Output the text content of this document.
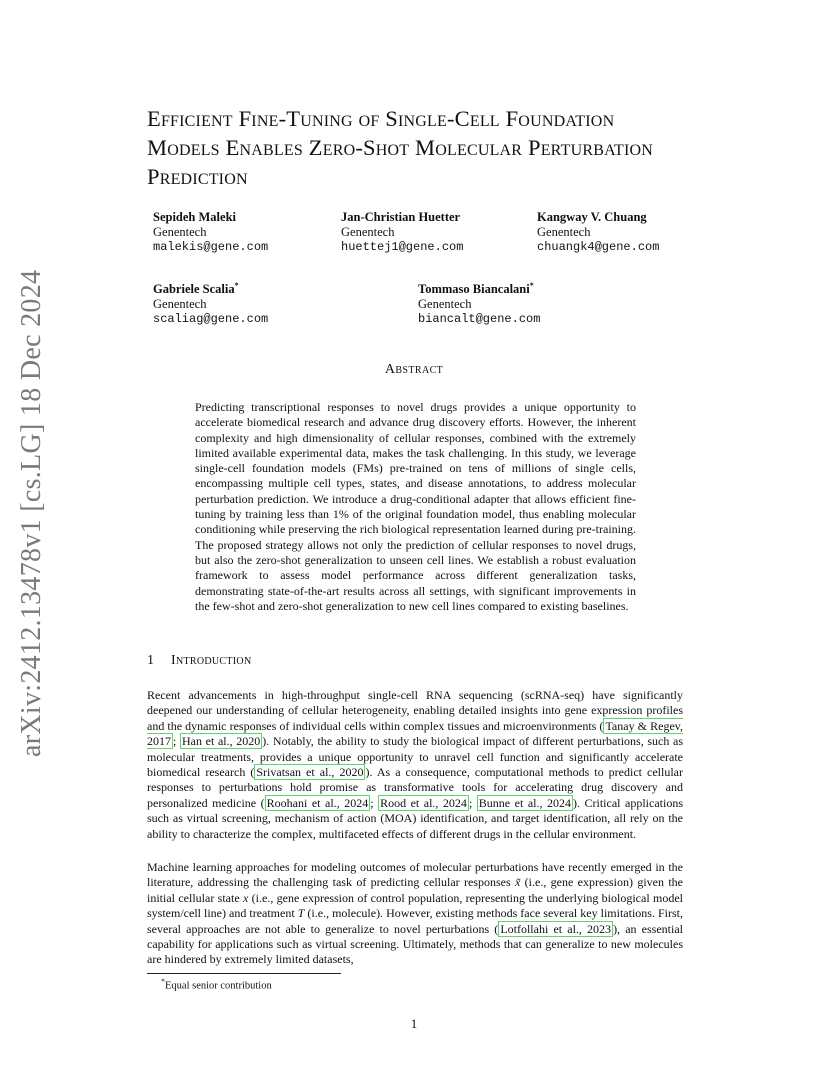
arXiv:2412.13478v1 [cs.LG] 18 Dec 2024
Efficient Fine-Tuning of Single-Cell Foundation Models Enables Zero-Shot Molecular Perturbation Prediction
Sepideh Maleki
Genentech
malekis@gene.com
Jan-Christian Huetter
Genentech
huettej1@gene.com
Kangway V. Chuang
Genentech
chuangk4@gene.com
Gabriele Scalia*
Genentech
scaliag@gene.com
Tommaso Biancalani*
Genentech
biancalt@gene.com
Abstract
Predicting transcriptional responses to novel drugs provides a unique opportunity to accelerate biomedical research and advance drug discovery efforts. However, the inherent complexity and high dimensionality of cellular responses, combined with the extremely limited available experimental data, makes the task challenging. In this study, we leverage single-cell foundation models (FMs) pre-trained on tens of millions of single cells, encompassing multiple cell types, states, and disease annotations, to address molecular perturbation prediction. We introduce a drug-conditional adapter that allows efficient fine-tuning by training less than 1% of the original foundation model, thus enabling molecular conditioning while preserving the rich biological representation learned during pre-training. The proposed strategy allows not only the prediction of cellular responses to novel drugs, but also the zero-shot generalization to unseen cell lines. We establish a robust evaluation framework to assess model performance across different generalization tasks, demonstrating state-of-the-art results across all settings, with significant improvements in the few-shot and zero-shot generalization to new cell lines compared to existing baselines.
1 Introduction
Recent advancements in high-throughput single-cell RNA sequencing (scRNA-seq) have significantly deepened our understanding of cellular heterogeneity, enabling detailed insights into gene expression profiles and the dynamic responses of individual cells within complex tissues and microenvironments ( Tanay & Regev, 2017 ; Han et al., 2020 ). Notably, the ability to study the biological impact of different perturbations, such as molecular treatments, provides a unique opportunity to unravel cell function and significantly accelerate biomedical research ( Srivatsan et al., 2020 ). As a consequence, computational methods to predict cellular responses to perturbations hold promise as transformative tools for accelerating drug discovery and personalized medicine ( Roohani et al., 2024 ; Rood et al., 2024 ; Bunne et al., 2024 ). Critical applications such as virtual screening, mechanism of action (MOA) identification, and target identification, all rely on the ability to characterize the complex, multifaceted effects of different drugs in the cellular environment.
Machine learning approaches for modeling outcomes of molecular perturbations have recently emerged in the literature, addressing the challenging task of predicting cellular responses x̃ (i.e., gene expression) given the initial cellular state x (i.e., gene expression of control population, representing the underlying biological model system/cell line) and treatment T (i.e., molecule). However, existing methods face several key limitations. First, several approaches are not able to generalize to novel perturbations ( Lotfollahi et al., 2023 ), an essential capability for applications such as virtual screening. Ultimately, methods that can generalize to new molecules are hindered by extremely limited datasets,
*Equal senior contribution
1
